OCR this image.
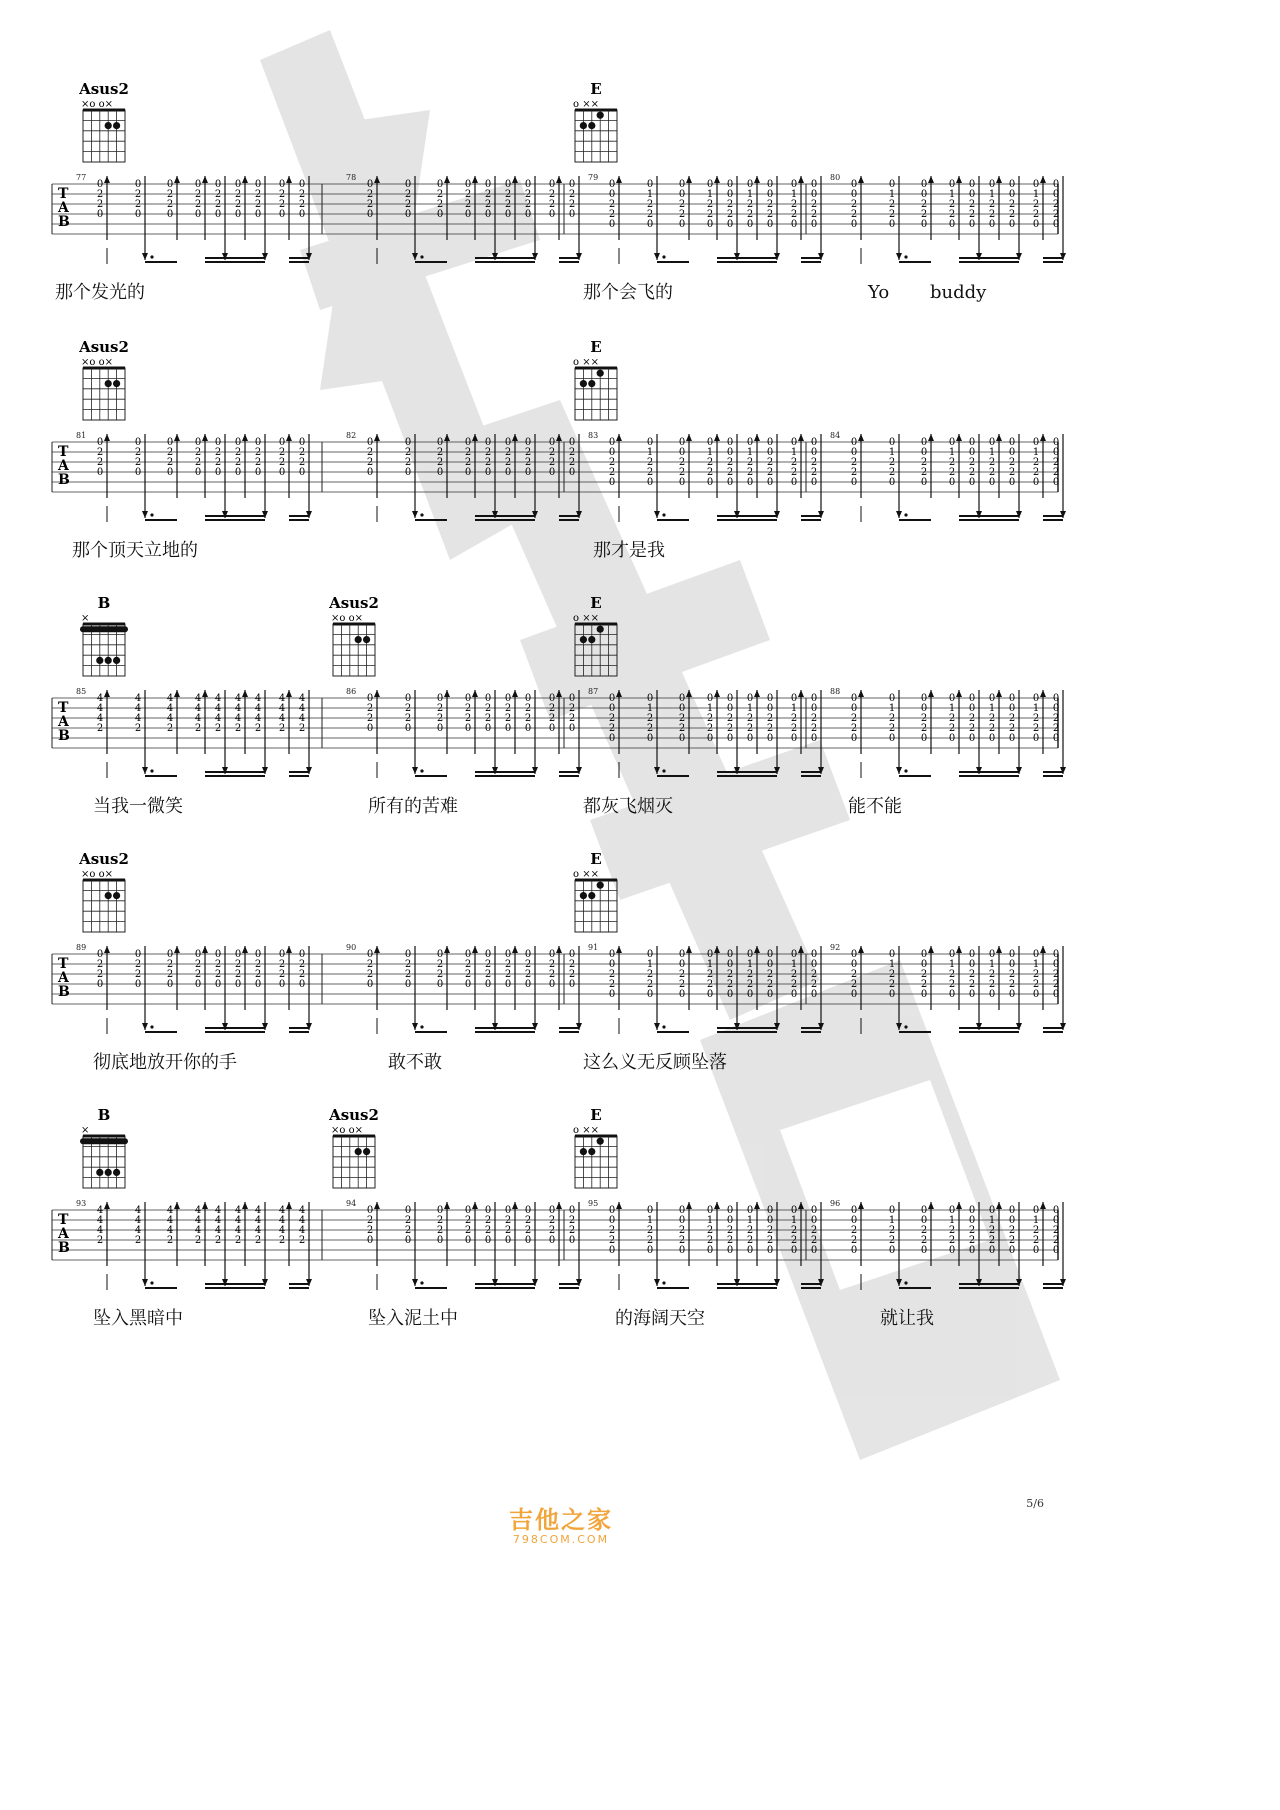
Asus2
×o o×
E
o ××
T
A
B
77
0
2
2
0
0
2
2
0
0
2
2
0
0
2
2
0
0
2
2
0
0
2
2
0
0
2
2
0
0
2
2
0
0
2
2
0
78
0
2
2
0
0
2
2
0
0
2
2
0
0
2
2
0
0
2
2
0
0
2
2
0
0
2
2
0
0
2
2
0
0
2
2
0
79
0
0
2
2
0
0
1
2
2
0
0
0
2
2
0
0
1
2
2
0
0
0
2
2
0
0
1
2
2
0
0
0
2
2
0
0
1
2
2
0
0
0
2
2
0
80
0
0
2
2
0
0
1
2
2
0
0
0
2
2
0
0
1
2
2
0
0
0
2
2
0
0
1
2
2
0
0
0
2
2
0
0
1
2
2
0
0
0
2
2
0
那个发光的	那个会飞的	Yo buddy
Asus2
×o o×
E
o ××
T
A
B
81
0
2
2
0
0
2
2
0
0
2
2
0
0
2
2
0
0
2
2
0
0
2
2
0
0
2
2
0
0
2
2
0
0
2
2
0
82
0
2
2
0
0
2
2
0
0
2
2
0
0
2
2
0
0
2
2
0
0
2
2
0
0
2
2
0
0
2
2
0
0
2
2
0
83
0
0
2
2
0
0
1
2
2
0
0
0
2
2
0
0
1
2
2
0
0
0
2
2
0
0
1
2
2
0
0
0
2
2
0
0
1
2
2
0
0
0
2
2
0
84
0
0
2
2
0
0
1
2
2
0
0
0
2
2
0
0
1
2
2
0
0
0
2
2
0
0
1
2
2
0
0
0
2
2
0
0
1
2
2
0
0
0
2
2
0
那个顶天立地的	那才是我
B
×
Asus2
×o o×
E
o ××
T
A
B
85
4
4
4
2
4
4
4
2
4
4
4
2
4
4
4
2
4
4
4
2
4
4
4
2
4
4
4
2
4
4
4
2
4
4
4
2
86
0
2
2
0
0
2
2
0
0
2
2
0
0
2
2
0
0
2
2
0
0
2
2
0
0
2
2
0
0
2
2
0
0
2
2
0
87
0
0
2
2
0
0
1
2
2
0
0
0
2
2
0
0
1
2
2
0
0
0
2
2
0
0
1
2
2
0
0
0
2
2
0
0
1
2
2
0
0
0
2
2
0
88
0
0
2
2
0
0
1
2
2
0
0
0
2
2
0
0
1
2
2
0
0
0
2
2
0
0
1
2
2
0
0
0
2
2
0
0
1
2
2
0
0
0
2
2
0
当我一微笑	所有的苦难	都灰飞烟灭	能不能
Asus2
×o o×
E
o ××
T
A
B
89
0
2
2
0
0
2
2
0
0
2
2
0
0
2
2
0
0
2
2
0
0
2
2
0
0
2
2
0
0
2
2
0
0
2
2
0
90
0
2
2
0
0
2
2
0
0
2
2
0
0
2
2
0
0
2
2
0
0
2
2
0
0
2
2
0
0
2
2
0
0
2
2
0
91
0
0
2
2
0
0
1
2
2
0
0
0
2
2
0
0
1
2
2
0
0
0
2
2
0
0
1
2
2
0
0
0
2
2
0
0
1
2
2
0
0
0
2
2
0
92
0
0
2
2
0
0
1
2
2
0
0
0
2
2
0
0
1
2
2
0
0
0
2
2
0
0
1
2
2
0
0
0
2
2
0
0
1
2
2
0
0
0
2
2
0
彻底地放开你的手	敢不敢	这么义无反顾坠落
B
×
Asus2
×o o×
E
o ××
T
A
B
93
4
4
4
2
4
4
4
2
4
4
4
2
4
4
4
2
4
4
4
2
4
4
4
2
4
4
4
2
4
4
4
2
4
4
4
2
94
0
2
2
0
0
2
2
0
0
2
2
0
0
2
2
0
0
2
2
0
0
2
2
0
0
2
2
0
0
2
2
0
0
2
2
0
95
0
0
2
2
0
0
1
2
2
0
0
0
2
2
0
0
1
2
2
0
0
0
2
2
0
0
1
2
2
0
0
0
2
2
0
0
1
2
2
0
0
0
2
2
0
96
0
0
2
2
0
0
1
2
2
0
0
0
2
2
0
0
1
2
2
0
0
0
2
2
0
0
1
2
2
0
0
0
2
2
0
0
1
2
2
0
0
0
2
2
0
坠入黑暗中	坠入泥土中	的海阔天空	就让我
5/6
吉他之家
798COM.COM
